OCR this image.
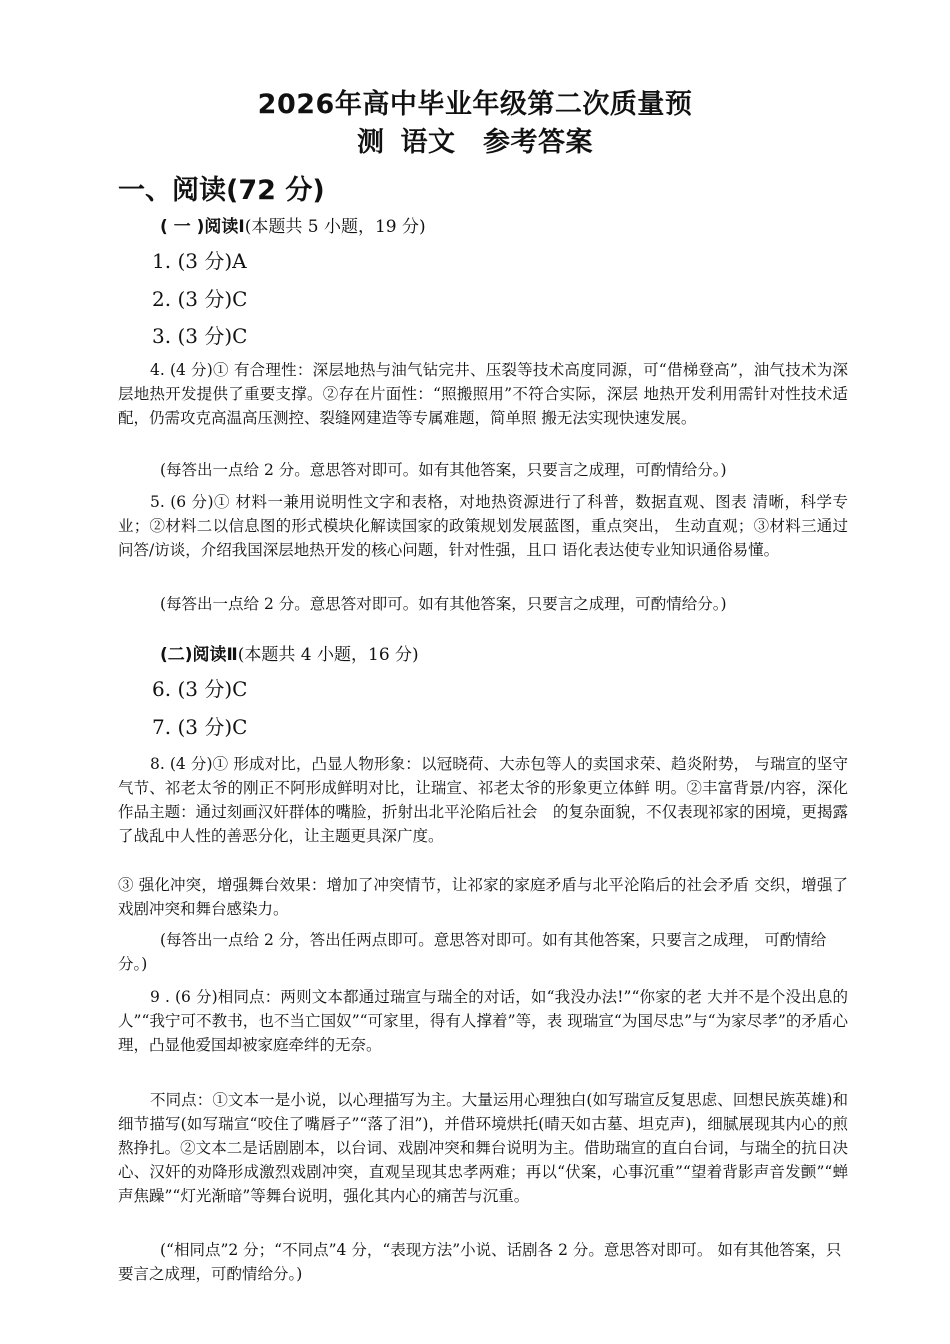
2026年高中毕业年级第二次质量预
测 语文　参考答案
一、阅读(72 分)
( 一 )阅读Ⅰ(本题共 5 小题，19 分)
1. (3 分)A
2. (3 分)C
3. (3 分)C
4. (4 分)① 有合理性：深层地热与油气钻完井、压裂等技术高度同源，可“借梯登高”，油气技术为深层地热开发提供了重要支撑。②存在片面性：“照搬照用”不符合实际，深层 地热开发利用需针对性技术适配，仍需攻克高温高压测控、裂缝网建造等专属难题，简单照 搬无法实现快速发展。
(每答出一点给 2 分。意思答对即可。如有其他答案，只要言之成理，可酌情给分。)
5. (6 分)① 材料一兼用说明性文字和表格，对地热资源进行了科普，数据直观、图表 清晰，科学专业；②材料二以信息图的形式模块化解读国家的政策规划发展蓝图，重点突出， 生动直观；③材料三通过问答/访谈，介绍我国深层地热开发的核心问题，针对性强，且口 语化表达使专业知识通俗易懂。
(每答出一点给 2 分。意思答对即可。如有其他答案，只要言之成理，可酌情给分。)
(二)阅读Ⅱ(本题共 4 小题，16 分)
6. (3 分)C
7. (3 分)C
8. (4 分)① 形成对比，凸显人物形象：以冠晓荷、大赤包等人的卖国求荣、趋炎附势， 与瑞宣的坚守气节、祁老太爷的刚正不阿形成鲜明对比，让瑞宣、祁老太爷的形象更立体鲜 明。②丰富背景/内容，深化作品主题：通过刻画汉奸群体的嘴脸，折射出北平沦陷后社会　的复杂面貌，不仅表现祁家的困境，更揭露了战乱中人性的善恶分化，让主题更具深广度。
③ 强化冲突，增强舞台效果：增加了冲突情节，让祁家的家庭矛盾与北平沦陷后的社会矛盾 交织，增强了戏剧冲突和舞台感染力。
(每答出一点给 2 分，答出任两点即可。意思答对即可。如有其他答案，只要言之成理， 可酌情给分。)
9 . (6 分)相同点：两则文本都通过瑞宣与瑞全的对话，如“我没办法!”“你家的老 大并不是个没出息的人”“我宁可不教书，也不当亡国奴”“可家里，得有人撑着”等，表 现瑞宣“为国尽忠”与“为家尽孝”的矛盾心理，凸显他爱国却被家庭牵绊的无奈。
不同点：①文本一是小说，以心理描写为主。大量运用心理独白(如写瑞宣反复思虑、回想民族英雄)和细节描写(如写瑞宣“咬住了嘴唇子”“落了泪”)，并借环境烘托(晴天如古墓、坦克声)，细腻展现其内心的煎熬挣扎。②文本二是话剧剧本，以台词、戏剧冲突和舞台说明为主。借助瑞宣的直白台词，与瑞全的抗日决心、汉奸的劝降形成激烈戏剧冲突，直观呈现其忠孝两难；再以“伏案，心事沉重”“望着背影声音发颤”“蝉声焦躁”“灯光渐暗”等舞台说明，强化其内心的痛苦与沉重。
(“相同点”2 分；“不同点”4 分，“表现方法”小说、话剧各 2 分。意思答对即可。 如有其他答案，只要言之成理，可酌情给分。)
